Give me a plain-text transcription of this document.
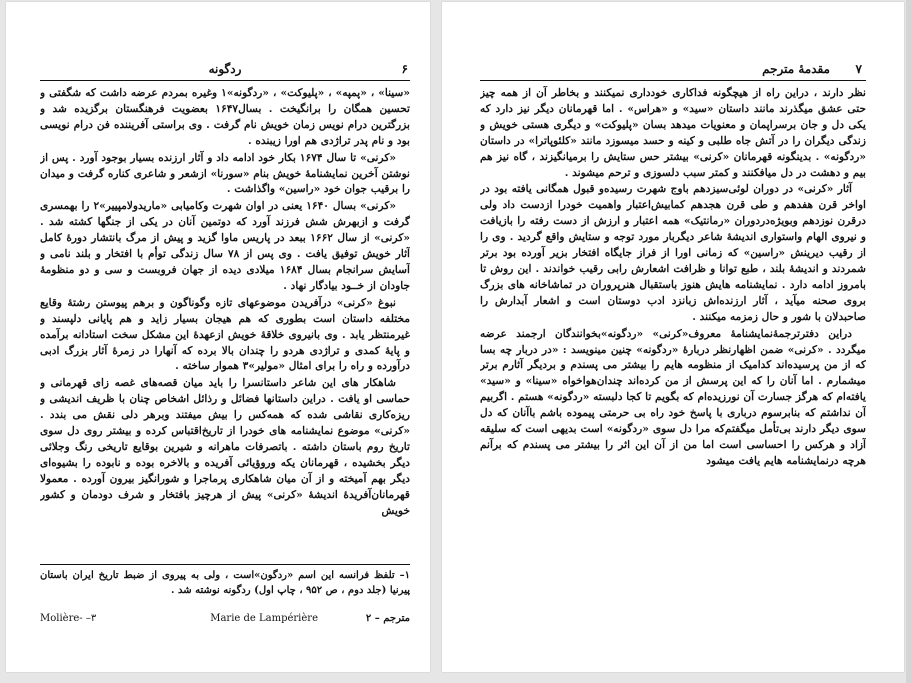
۶
ردگونه

«سینا» ، «پمپه» ، «پلیوکت» ، «ردگونه»۱ وغیره بمردم عرضه داشت که شگفتی و تحسین همگان را برانگیخت . بسال۱۶۴۷ بعضویت فرهنگستان برگزیده شد و بزرگترین درام نویس زمان خویش نام گرفت . وی براستی آفریننده فن درام نویسی بود و نام پدر تراژدی هم اورا زیبنده .

«کرنی» تا سال ۱۶۷۴ بکار خود ادامه داد و آثار ارزنده بسیار بوجود آورد . پس از نوشتن آخرین نمایشنامهٔ خویش بنام «سورنا» ازشعر و شاعری کناره گرفت و میدان را برقیب جوان خود «راسین» واگذاشت .

«کرنی» بسال ۱۶۴۰ یعنی در اوان شهرت وکامیابی «ماریدولامپییر»۲ را بهمسری گرفت و ازبهرش شش فرزند آورد که دوتمین آنان در یکی از جنگها کشته شد . «کرنی» از سال ۱۶۶۲ ببعد در پاریس ماوا گزید و پیش از مرگ بانتشار دورهٔ کامل آثار خویش توفیق یافت . وی پس از ۷۸ سال زندگی توأم با افتخار و بلند نامی و آسایش سرانجام بسال ۱۶۸۴ میلادی دیده از جهان فروبست و سی و دو منظومهٔ جاودان از خــود بیادگار نهاد .

نبوغ «کرنی» درآفریدن موضوعهای تازه وگوناگون و برهم پیوستن رشتهٔ وقایع مختلفه داستان است بطوری که هم هیجان بسیار زاید و هم پایانی دلپسند و غیرمنتظر یابد . وی بانیروی خلاقهٔ خویش ازعهدهٔ این مشکل سخت استادانه برآمده و پایهٔ کمدی و تراژدی هردو را چندان بالا برده که آنهارا در زمرهٔ آثار بزرگ ادبی درآورده و راه را برای امثال «مولیر»۳ هموار ساخته .

شاهکار های این شاعر داستانسرا را باید میان قصه‌های غصه زای قهرمانی و حماسی او یافت . دراین داستانها فضائل و رذائل اشخاص چنان با ظریف اندیشی و ریزه‌کاری نقاشی شده که همه‌کس را بیش میفتند وبرهر دلی نقش می بندد . «کرنی» موضوع نمایشنامه های خودرا از تاریخ‌اقتباس کرده و بیشتر روی دل سوی تاریخ روم باستان داشته . باتصرفات ماهرانه و شیرین بوقایع تاریخی رنگ وجلائی دیگر بخشیده ، قهرمانان یکه وروؤیائی آفریده و بالاخره بوده و نابوده را بشیوه‌ای دیگر بهم آمیخته و از آن میان شاهکاری پرماجرا و شورانگیز بیرون آورده . معمولا قهرمانان‌آفریدهٔ اندیشهٔ «کرنی» پیش از هرچیز بافتخار و شرف دودمان و کشور خویش

۱– تلفظ فرانسه این اسم «ردگون»است ، ولی به پیروی از ضبط تاریخ ایران باستان پیرنیا (جلد دوم ، ص ۹۵۲ ، چاپ اول) ردگونه نوشته شد .

مترجم – ۲
Marie de Lampérière
Molière- –۳
۷
مقدمهٔ مترجم

نظر دارند ، دراین راه از هیچگونه فداکاری خودداری نمیکنند و بخاطر آن از همه چیز حتی عشق میگذرند مانند داستان «سید» و «هراس» . اما قهرمانان دیگر نیز دارد که یکی دل و جان برسراپمان و معنویات میدهد بسان «پلیوکت» و دیگری هستی خویش و زندگی دیگران را در آتش جاه طلبی و کینه و حسد میسوزد مانند «کلئوپاترا» در داستان «ردگونه» . بدینگونه قهرمانان «کرنی» بیشتر حس ستایش را برمیانگیزند ، گاه نیز هم بیم و دهشت در دل میافکنند و کمتر سبب دلسوزی و ترحم میشوند .

آثار «کرنی» در دوران لوئی‌سیزدهم باوج شهرت رسیده‌و قبول همگانی یافته بود در اواخر قرن هفدهم و طی قرن هجدهم کمابیش‌اعتبار واهمیت خودرا ازدست داد ولی درقرن نوزدهم وبویژه‌دردوران «رمانتیک» همه اعتبار و ارزش از دست رفته را بازیافت و نیروی الهام واستواری اندیشهٔ شاعر دیگربار مورد توجه و ستایش واقع گردید . وی را از رقیب دیرینش «راسین» که زمانی اورا از فراز جایگاه افتخار بزیر آورده بود برتر شمردند و اندیشهٔ بلند ، طبع توانا و ظرافت اشعارش رابی رقیب خواندند . این روش تا بامروز ادامه دارد . نمایشنامه هایش هنوز باستقبال هنرپروران در تماشاخانه های بزرگ بروی صحنه میآید ، آثار ارزنده‌اش زبانزد ادب دوستان است و اشعار آبدارش را صاحبدلان با شور و حال زمزمه میکنند .

دراین دفترترجمهٔ‌نمایشنامهٔ معروف«کرنی» «ردگونه»بخوانندگان ارجمند عرضه میگردد . «کرنی» ضمن اظهارنظر دربارهٔ «ردگونه» چنین مینویسد : «در دربار چه بسا که از من پرسیده‌اند کدامیک از منظومه هایم را بیشتر می پسندم و بردیگر آثارم برتر میشمارم . اما آنان را که این پرسش از من کرده‌اند چندان‌هواخواه «سینا» و «سید» یافته‌ام که هرگز جسارت آن نورزیده‌ام که بگویم تا کجا دلبسته «ردگونه» هستم . اگربیم آن نداشتم که بنابرسوم درباری با پاسخ خود راه بی حرمتی پیموده باشم باآنان که دل سوی دیگر دارند بی‌تأمل میگفتم‌که مرا دل سوی «ردگونه» است بدیهی است که سلیقه آزاد و هرکس را احساسی است اما من از آن این اثر را بیشتر می پسندم که برآنم هرچه درنمایشنامه هایم یافت میشود
